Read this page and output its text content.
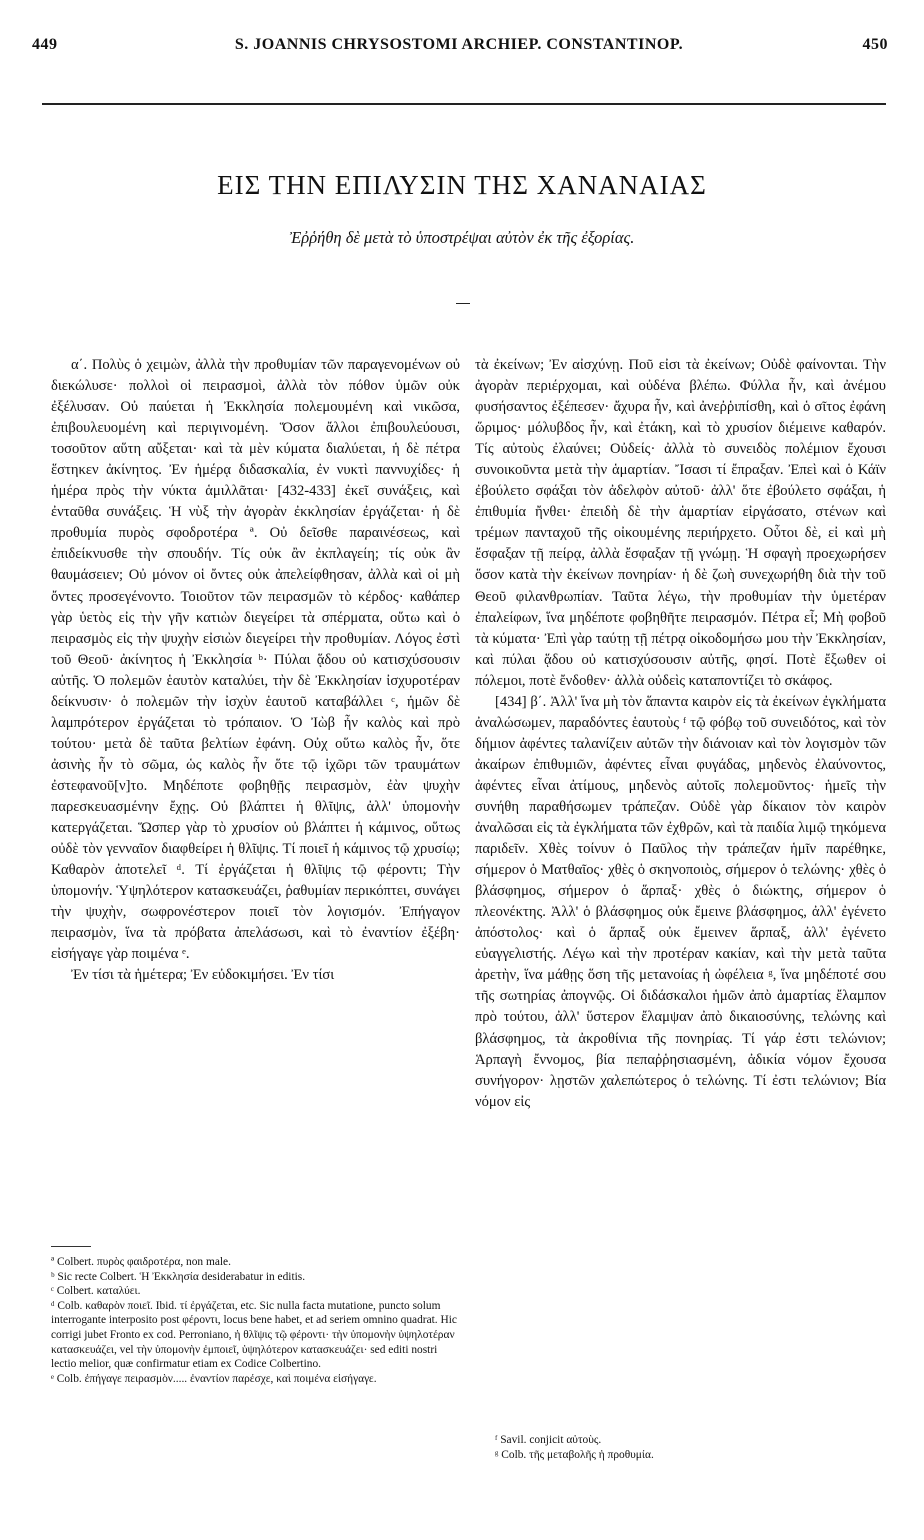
449	S. JOANNIS CHRYSOSTOMI ARCHIEP. CONSTANTINOP.	450
ΕΙΣ ΤΗΝ ΕΠΙΛΥΣΙΝ ΤΗΣ ΧΑΝΑΝΑΙΑΣ
Ἐῤῥήθη δὲ μετὰ τὸ ὑποστρέψαι αὐτὸν ἐκ τῆς ἐξορίας.

α΄. Πολὺς ὁ χειμὼν, ἀλλὰ τὴν προθυμίαν τῶν παραγενομένων οὐ διεκώλυσε· πολλοὶ οἱ πειρασμοὶ, ἀλλὰ τὸν πόθον ὑμῶν οὐκ ἐξέλυσαν. Οὐ παύεται ἡ Ἐκκλησία πολεμουμένη καὶ νικῶσα, ἐπιβουλευομένη καὶ περιγινομένη. Ὅσον ἄλλοι ἐπιβουλεύουσι, τοσοῦτον αὕτη αὔξεται· καὶ τὰ μὲν κύματα διαλύεται, ἡ δὲ πέτρα ἕστηκεν ἀκίνητος. Ἐν ἡμέρᾳ διδασκαλία, ἐν νυκτὶ παννυχίδες· ἡ ἡμέρα πρὸς τὴν νύκτα ἁμιλλᾶται· [432-433] ἐκεῖ συνάξεις, καὶ ἐνταῦθα συνάξεις. Ἡ νὺξ τὴν ἀγορὰν ἐκκλησίαν ἐργάζεται· ἡ δὲ προθυμία πυρὸς σφοδροτέρα ª. Οὐ δεῖσθε παραινέσεως, καὶ ἐπιδείκνυσθε τὴν σπουδήν. Τίς οὐκ ἂν ἐκπλαγείη; τίς οὐκ ἂν θαυμάσειεν; Οὐ μόνον οἱ ὄντες οὐκ ἀπελείφθησαν, ἀλλὰ καὶ οἱ μὴ ὄντες προσεγένοντο. Τοιοῦτον τῶν πειρασμῶν τὸ κέρδος· καθάπερ γὰρ ὑετὸς εἰς τὴν γῆν κατιὼν διεγείρει τὰ σπέρματα, οὕτω καὶ ὁ πειρασμὸς εἰς τὴν ψυχὴν εἰσιὼν διεγείρει τὴν προθυμίαν. Λόγος ἐστὶ τοῦ Θεοῦ· ἀκίνητος ἡ Ἐκκλησία ᵇ· Πύλαι ᾅδου οὐ κατισχύσουσιν αὐτῆς. Ὁ πολεμῶν ἑαυτὸν καταλύει, τὴν δὲ Ἐκκλησίαν ἰσχυροτέραν δείκνυσιν· ὁ πολεμῶν τὴν ἰσχὺν ἑαυτοῦ καταβάλλει ᶜ, ἡμῶν δὲ λαμπρότερον ἐργάζεται τὸ τρόπαιον. Ὁ Ἰὼβ ἦν καλὸς καὶ πρὸ τούτου· μετὰ δὲ ταῦτα βελτίων ἐφάνη. Οὐχ οὕτω καλὸς ἦν, ὅτε ἀσινὴς ἦν τὸ σῶμα, ὡς καλὸς ἦν ὅτε τῷ ἰχῶρι τῶν τραυμάτων ἐστεφανοῦ[ν]το. Μηδέποτε φοβηθῇς πειρασμὸν, ἐὰν ψυχὴν παρεσκευασμένην ἔχῃς. Οὐ βλάπτει ἡ θλῖψις, ἀλλ' ὑπομονὴν κατεργάζεται. Ὥσπερ γὰρ τὸ χρυσίον οὐ βλάπτει ἡ κάμινος, οὕτως οὐδὲ τὸν γενναῖον διαφθείρει ἡ θλῖψις. Τί ποιεῖ ἡ κάμινος τῷ χρυσίῳ; Καθαρὸν ἀποτελεῖ ᵈ. Τί ἐργάζεται ἡ θλῖψις τῷ φέροντι; Τὴν ὑπομονήν. Ὑψηλότερον κατασκευάζει, ῥαθυμίαν περικόπτει, συνάγει τὴν ψυχὴν, σωφρονέστερον ποιεῖ τὸν λογισμόν. Ἐπήγαγον πειρασμὸν, ἵνα τὰ πρόβατα ἀπελάσωσι, καὶ τὸ ἐναντίον ἐξέβη· εἰσήγαγε γὰρ ποιμένα ᵉ.

Ἐν τίσι τὰ ἡμέτερα; Ἐν εὐδοκιμήσει. Ἐν τίσι

τὰ ἐκείνων; Ἐν αἰσχύνῃ. Ποῦ εἰσι τὰ ἐκείνων; Οὐδὲ φαίνονται. Τὴν ἀγορὰν περιέρχομαι, καὶ οὐδένα βλέπω. Φύλλα ἦν, καὶ ἀνέμου φυσήσαντος ἐξέπεσεν· ἄχυρα ἦν, καὶ ἀνεῤῥιπίσθη, καὶ ὁ σῖτος ἐφάνη ὥριμος· μόλυβδος ἦν, καὶ ἐτάκη, καὶ τὸ χρυσίον διέμεινε καθαρόν. Τίς αὐτοὺς ἐλαύνει; Οὐδείς· ἀλλὰ τὸ συνειδὸς πολέμιον ἔχουσι συνοικοῦντα μετὰ τὴν ἁμαρτίαν. Ἴσασι τί ἔπραξαν. Ἐπεὶ καὶ ὁ Κάϊν ἐβούλετο σφάξαι τὸν ἀδελφὸν αὐτοῦ· ἀλλ' ὅτε ἐβούλετο σφάξαι, ἡ ἐπιθυμία ἤνθει· ἐπειδὴ δὲ τὴν ἁμαρτίαν εἰργάσατο, στένων καὶ τρέμων πανταχοῦ τῆς οἰκουμένης περιήρχετο. Οὗτοι δὲ, εἰ καὶ μὴ ἔσφαξαν τῇ πείρᾳ, ἀλλὰ ἔσφαξαν τῇ γνώμῃ. Ἡ σφαγὴ προεχωρήσεν ὅσον κατὰ τὴν ἐκείνων πονηρίαν· ἡ δὲ ζωὴ συνεχωρήθη διὰ τὴν τοῦ Θεοῦ φιλανθρωπίαν. Ταῦτα λέγω, τὴν προθυμίαν τὴν ὑμετέραν ἐπαλείφων, ἵνα μηδέποτε φοβηθῆτε πειρασμόν. Πέτρα εἶ; Μὴ φοβοῦ τὰ κύματα· Ἐπὶ γὰρ ταύτῃ τῇ πέτρᾳ οἰκοδομήσω μου τὴν Ἐκκλησίαν, καὶ πύλαι ᾅδου οὐ κατισχύσουσιν αὐτῆς, φησί. Ποτὲ ἔξωθεν οἱ πόλεμοι, ποτὲ ἔνδοθεν· ἀλλὰ οὐδεὶς καταποντίζει τὸ σκάφος.

[434] β΄. Ἀλλ' ἵνα μὴ τὸν ἅπαντα καιρὸν εἰς τὰ ἐκείνων ἐγκλήματα ἀναλώσωμεν, παραδόντες ἑαυτοὺς ᶠ τῷ φόβῳ τοῦ συνειδότος, καὶ τὸν δήμιον ἀφέντες ταλανίζειν αὐτῶν τὴν διάνοιαν καὶ τὸν λογισμὸν τῶν ἀκαίρων ἐπιθυμιῶν, ἀφέντες εἶναι φυγάδας, μηδενὸς ἐλαύνοντος, ἀφέντες εἶναι ἀτίμους, μηδενὸς αὐτοῖς πολεμοῦντος· ἡμεῖς τὴν συνήθη παραθήσωμεν τράπεζαν. Οὐδὲ γὰρ δίκαιον τὸν καιρὸν ἀναλῶσαι εἰς τὰ ἐγκλήματα τῶν ἐχθρῶν, καὶ τὰ παιδία λιμῷ τηκόμενα παριδεῖν. Χθὲς τοίνυν ὁ Παῦλος τὴν τράπεζαν ἡμῖν παρέθηκε, σήμερον ὁ Ματθαῖος· χθὲς ὁ σκηνοποιὸς, σήμερον ὁ τελώνης· χθὲς ὁ βλάσφημος, σήμερον ὁ ἅρπαξ· χθὲς ὁ διώκτης, σήμερον ὁ πλεονέκτης. Ἀλλ' ὁ βλάσφημος οὐκ ἔμεινε βλάσφημος, ἀλλ' ἐγένετο ἀπόστολος· καὶ ὁ ἅρπαξ οὐκ ἔμεινεν ἅρπαξ, ἀλλ' ἐγένετο εὐαγγελιστής. Λέγω καὶ τὴν προτέραν κακίαν, καὶ τὴν μετὰ ταῦτα ἀρετὴν, ἵνα μάθῃς ὅση τῆς μετανοίας ἡ ὠφέλεια ᵍ, ἵνα μηδέποτέ σου τῆς σωτηρίας ἀπογνῷς. Οἱ διδάσκαλοι ἡμῶν ἀπὸ ἁμαρτίας ἔλαμπον πρὸ τούτου, ἀλλ' ὕστερον ἔλαμψαν ἀπὸ δικαιοσύνης, τελώνης καὶ βλάσφημος, τὰ ἀκροθίνια τῆς πονηρίας. Τί γάρ ἐστι τελώνιον; Ἁρπαγὴ ἔννομος, βία πεπαῤῥησιασμένη, ἀδικία νόμον ἔχουσα συνήγορον· λῃστῶν χαλεπώτερος ὁ τελώνης. Τί ἐστι τελώνιον; Βία νόμον εἰς

ª Colbert. πυρὸς φαιδροτέρα, non male.
ᵇ Sic recte Colbert. Ἡ Ἐκκλησία desiderabatur in editis.
ᶜ Colbert. καταλύει.
ᵈ Colb. καθαρὸν ποιεῖ. Ibid. τί ἐργάζεται, etc. Sic nulla facta mutatione, puncto solum interrogante interposito post φέροντι, locus bene habet, et ad seriem omnino quadrat. Hic corrigi jubet Fronto ex cod. Perroniano, ἡ θλῖψις τῷ φέροντι· τὴν ὑπομονὴν ὑψηλοτέραν κατασκευάζει, vel τὴν ὑπομονὴν ἐμποιεῖ, ὑψηλότερον κατασκευάζει· sed editi nostri lectio melior, quæ confirmatur etiam ex Codice Colbertino.
ᵉ Colb. ἐπήγαγε πειρασμὸν..... ἐναντίον παρέσχε, καὶ ποιμένα εἰσήγαγε.
ᶠ Savil. conjicit αὐτοὺς.
ᵍ Colb. τῆς μεταβολῆς ἡ προθυμία.
